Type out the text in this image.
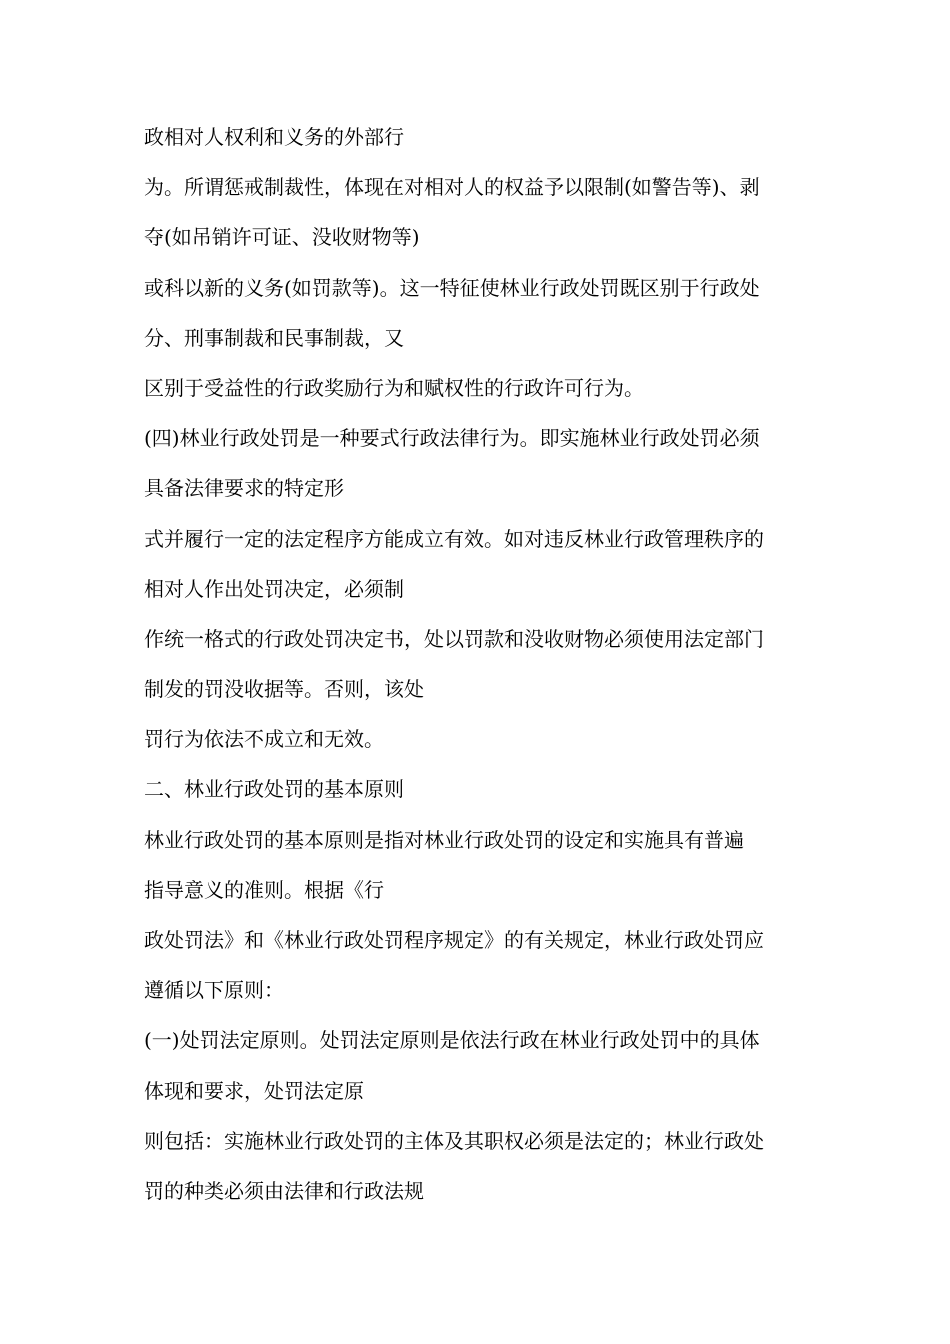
政相对人权利和义务的外部行

为。所谓惩戒制裁性，体现在对相对人的权益予以限制(如警告等)、剥

夺(如吊销许可证、没收财物等)

或科以新的义务(如罚款等)。这一特征使林业行政处罚既区别于行政处

分、刑事制裁和民事制裁，又

区别于受益性的行政奖励行为和赋权性的行政许可行为。

(四)林业行政处罚是一种要式行政法律行为。即实施林业行政处罚必须

具备法律要求的特定形

式并履行一定的法定程序方能成立有效。如对违反林业行政管理秩序的

相对人作出处罚决定，必须制

作统一格式的行政处罚决定书，处以罚款和没收财物必须使用法定部门

制发的罚没收据等。否则，该处

罚行为依法不成立和无效。

二、林业行政处罚的基本原则

林业行政处罚的基本原则是指对林业行政处罚的设定和实施具有普遍

指导意义的准则。根据《行

政处罚法》和《林业行政处罚程序规定》的有关规定，林业行政处罚应

遵循以下原则：

(一)处罚法定原则。处罚法定原则是依法行政在林业行政处罚中的具体

体现和要求，处罚法定原

则包括：实施林业行政处罚的主体及其职权必须是法定的；林业行政处

罚的种类必须由法律和行政法规
